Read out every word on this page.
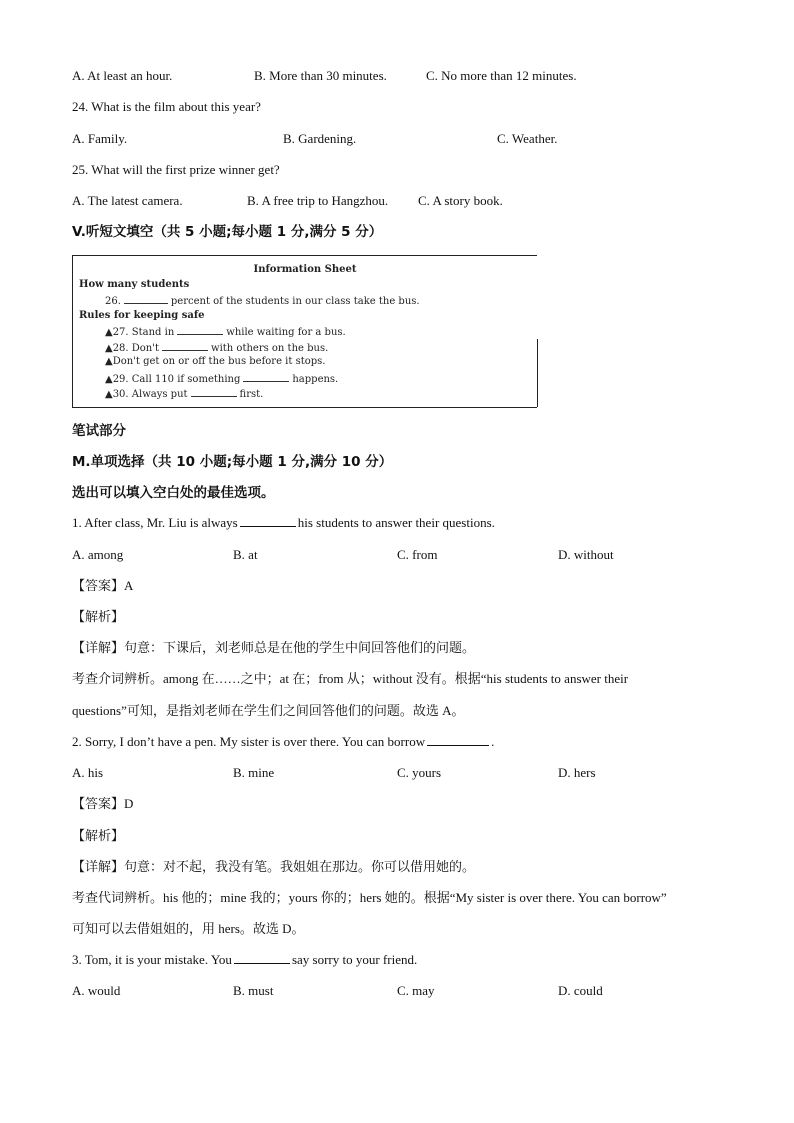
A. At least an hour.	B. More than 30 minutes.	C. No more than 12 minutes.
24. What is the film about this year?
A. Family.	B. Gardening.	C. Weather.
25. What will the first prize winner get?
A. The latest camera.	B. A free trip to Hangzhou. C. A story book.
V.听短文填空（共 5 小题;每小题 1 分,满分 5 分）
Information Sheet
How many students
26.	percent of the students in our class take the bus.
Rules for keeping safe
▲27. Stand in	while waiting for a bus.
▲28. Don't	with others on the bus.
▲Don't get on or off the bus before it stops.
▲29. Call 110 if something	happens.
▲30. Always put	first.
笔试部分
M.单项选择（共 10 小题;每小题 1 分,满分 10 分）
选出可以填入空白处的最佳选项。
1. After class, Mr. Liu is always	his students to answer their questions.
A. among	B. at	C. from	D. without
【答案】A
【解析】
【详解】句意：下课后，刘老师总是在他的学生中间回答他们的问题。
考查介词辨析。among 在……之中；at 在；from 从；without 没有。根据“his students to answer their
questions”可知，是指刘老师在学生们之间回答他们的问题。故选 A。
2. Sorry, I don’t have a pen. My sister is over there. You can borrow	.
A. his	B. mine	C. yours	D. hers
【答案】D
【解析】
【详解】句意：对不起，我没有笔。我姐姐在那边。你可以借用她的。
考查代词辨析。his 他的；mine 我的；yours 你的；hers 她的。根据“My sister is over there. You can borrow”
可知可以去借姐姐的，用 hers。故选 D。
3. Tom, it is your mistake. You	say sorry to your friend.
A. would	B. must	C. may	D. could
